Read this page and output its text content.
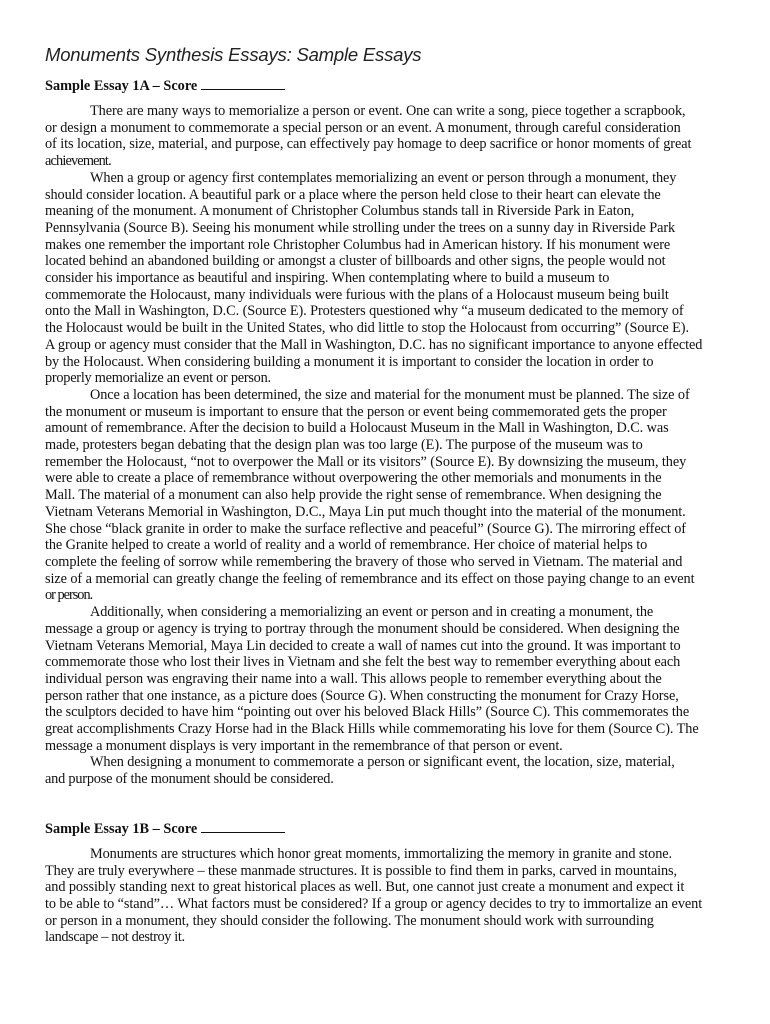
Monuments Synthesis Essays: Sample Essays
Sample Essay 1A – Score
There are many ways to memorialize a person or event. One can write a song, piece together a scrapbook,
or design a monument to commemorate a special person or an event. A monument, through careful consideration
of its location, size, material, and purpose, can effectively pay homage to deep sacrifice or honor moments of great
achievement.
When a group or agency first contemplates memorializing an event or person through a monument, they
should consider location. A beautiful park or a place where the person held close to their heart can elevate the
meaning of the monument. A monument of Christopher Columbus stands tall in Riverside Park in Eaton,
Pennsylvania (Source B). Seeing his monument while strolling under the trees on a sunny day in Riverside Park
makes one remember the important role Christopher Columbus had in American history. If his monument were
located behind an abandoned building or amongst a cluster of billboards and other signs, the people would not
consider his importance as beautiful and inspiring. When contemplating where to build a museum to
commemorate the Holocaust, many individuals were furious with the plans of a Holocaust museum being built
onto the Mall in Washington, D.C. (Source E). Protesters questioned why “a museum dedicated to the memory of
the Holocaust would be built in the United States, who did little to stop the Holocaust from occurring” (Source E).
A group or agency must consider that the Mall in Washington, D.C. has no significant importance to anyone effected
by the Holocaust. When considering building a monument it is important to consider the location in order to
properly memorialize an event or person.
Once a location has been determined, the size and material for the monument must be planned. The size of
the monument or museum is important to ensure that the person or event being commemorated gets the proper
amount of remembrance. After the decision to build a Holocaust Museum in the Mall in Washington, D.C. was
made, protesters began debating that the design plan was too large (E). The purpose of the museum was to
remember the Holocaust, “not to overpower the Mall or its visitors” (Source E). By downsizing the museum, they
were able to create a place of remembrance without overpowering the other memorials and monuments in the
Mall. The material of a monument can also help provide the right sense of remembrance. When designing the
Vietnam Veterans Memorial in Washington, D.C., Maya Lin put much thought into the material of the monument.
She chose “black granite in order to make the surface reflective and peaceful” (Source G). The mirroring effect of
the Granite helped to create a world of reality and a world of remembrance. Her choice of material helps to
complete the feeling of sorrow while remembering the bravery of those who served in Vietnam. The material and
size of a memorial can greatly change the feeling of remembrance and its effect on those paying change to an event
or person.
Additionally, when considering a memorializing an event or person and in creating a monument, the
message a group or agency is trying to portray through the monument should be considered. When designing the
Vietnam Veterans Memorial, Maya Lin decided to create a wall of names cut into the ground. It was important to
commemorate those who lost their lives in Vietnam and she felt the best way to remember everything about each
individual person was engraving their name into a wall. This allows people to remember everything about the
person rather that one instance, as a picture does (Source G). When constructing the monument for Crazy Horse,
the sculptors decided to have him “pointing out over his beloved Black Hills” (Source C). This commemorates the
great accomplishments Crazy Horse had in the Black Hills while commemorating his love for them (Source C). The
message a monument displays is very important in the remembrance of that person or event.
When designing a monument to commemorate a person or significant event, the location, size, material,
and purpose of the monument should be considered.
Sample Essay 1B – Score
Monuments are structures which honor great moments, immortalizing the memory in granite and stone.
They are truly everywhere – these manmade structures. It is possible to find them in parks, carved in mountains,
and possibly standing next to great historical places as well. But, one cannot just create a monument and expect it
to be able to “stand”… What factors must be considered? If a group or agency decides to try to immortalize an event
or person in a monument, they should consider the following. The monument should work with surrounding
landscape – not destroy it.
